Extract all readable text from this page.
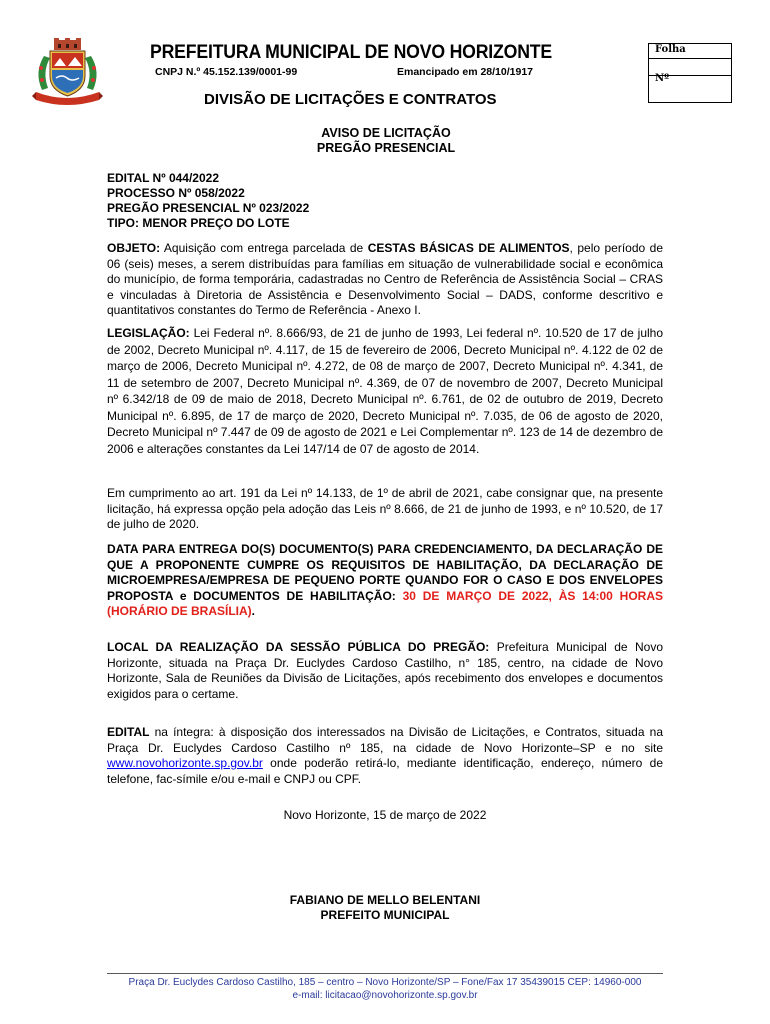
PREFEITURA MUNICIPAL DE NOVO HORIZONTE
CNPJ N.º 45.152.139/0001-99	Emancipado em 28/10/1917
DIVISÃO DE LICITAÇÕES E CONTRATOS
Folha
Nº
AVISO DE LICITAÇÃO
PREGÃO PRESENCIAL
EDITAL Nº 044/2022
PROCESSO Nº 058/2022
PREGÃO PRESENCIAL Nº 023/2022
TIPO: MENOR PREÇO DO LOTE
OBJETO: Aquisição com entrega parcelada de CESTAS BÁSICAS DE ALIMENTOS, pelo período de 06 (seis) meses, a serem distribuídas para famílias em situação de vulnerabilidade social e econômica do município, de forma temporária, cadastradas no Centro de Referência de Assistência Social – CRAS e vinculadas à Diretoria de Assistência e Desenvolvimento Social – DADS, conforme descritivo e quantitativos constantes do Termo de Referência - Anexo I.
LEGISLAÇÃO: Lei Federal nº. 8.666/93, de 21 de junho de 1993, Lei federal nº. 10.520 de 17 de julho de 2002, Decreto Municipal nº. 4.117, de 15 de fevereiro de 2006, Decreto Municipal nº. 4.122 de 02 de março de 2006, Decreto Municipal nº. 4.272, de 08 de março de 2007, Decreto Municipal nº. 4.341, de 11 de setembro de 2007, Decreto Municipal nº. 4.369, de 07 de novembro de 2007, Decreto Municipal nº 6.342/18 de 09 de maio de 2018, Decreto Municipal nº. 6.761, de 02 de outubro de 2019, Decreto Municipal nº. 6.895, de 17 de março de 2020, Decreto Municipal nº. 7.035, de 06 de agosto de 2020, Decreto Municipal nº 7.447 de 09 de agosto de 2021 e Lei Complementar nº. 123 de 14 de dezembro de 2006 e alterações constantes da Lei 147/14 de 07 de agosto de 2014.
Em cumprimento ao art. 191 da Lei nº 14.133, de 1º de abril de 2021, cabe consignar que, na presente licitação, há expressa opção pela adoção das Leis nº 8.666, de 21 de junho de 1993, e nº 10.520, de 17 de julho de 2020.
DATA PARA ENTREGA DO(S) DOCUMENTO(S) PARA CREDENCIAMENTO, DA DECLARAÇÃO DE QUE A PROPONENTE CUMPRE OS REQUISITOS DE HABILITAÇÃO, DA DECLARAÇÃO DE MICROEMPRESA/EMPRESA DE PEQUENO PORTE QUANDO FOR O CASO E DOS ENVELOPES PROPOSTA e DOCUMENTOS DE HABILITAÇÃO: 30 DE MARÇO DE 2022, ÀS 14:00 HORAS (HORÁRIO DE BRASÍLIA).
LOCAL DA REALIZAÇÃO DA SESSÃO PÚBLICA DO PREGÃO: Prefeitura Municipal de Novo Horizonte, situada na Praça Dr. Euclydes Cardoso Castilho, n° 185, centro, na cidade de Novo Horizonte, Sala de Reuniões da Divisão de Licitações, após recebimento dos envelopes e documentos exigidos para o certame.
EDITAL na íntegra: à disposição dos interessados na Divisão de Licitações, e Contratos, situada na Praça Dr. Euclydes Cardoso Castilho nº 185, na cidade de Novo Horizonte–SP e no site www.novohorizonte.sp.gov.br onde poderão retirá-lo, mediante identificação, endereço, número de telefone, fac-símile e/ou e-mail e CNPJ ou CPF.
Novo Horizonte, 15 de março de 2022
FABIANO DE MELLO BELENTANI
PREFEITO MUNICIPAL
Praça Dr. Euclydes Cardoso Castilho, 185 – centro – Novo Horizonte/SP – Fone/Fax 17 35439015 CEP: 14960-000
e-mail: licitacao@novohorizonte.sp.gov.br
